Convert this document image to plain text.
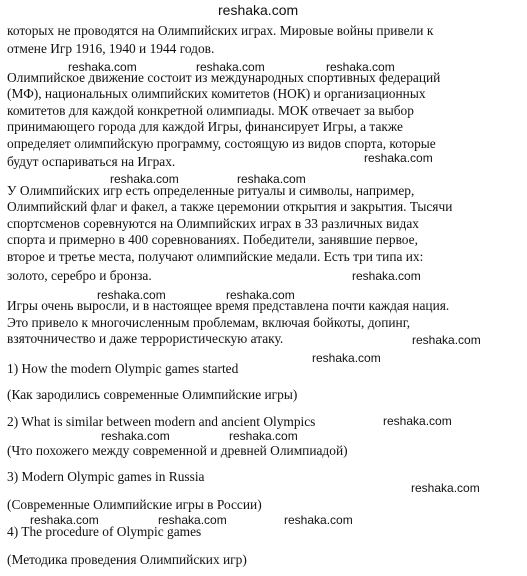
которых не проводятся на Олимпийских играх. Мировые войны привели к
отмене Игр 1916, 1940 и 1944 годов.
Олимпийское движение состоит из международных спортивных федераций
(МФ), национальных олимпийских комитетов (НОК) и организационных
комитетов для каждой конкретной олимпиады. МОК отвечает за выбор
принимающего города для каждой Игры, финансирует Игры, а также
определяет олимпийскую программу, состоящую из видов спорта, которые
будут оспариваться на Играх.
У Олимпийских игр есть определенные ритуалы и символы, например,
Олимпийский флаг и факел, а также церемонии открытия и закрытия. Тысячи
спортсменов соревнуются на Олимпийских играх в 33 различных видах
спорта и примерно в 400 соревнованиях. Победители, занявшие первое,
второе и третье места, получают олимпийские медали. Есть три типа их:
золото, серебро и бронза.
Игры очень выросли, и в настоящее время представлена почти каждая нация.
Это привело к многочисленным проблемам, включая бойкоты, допинг,
взяточничество и даже террористическую атаку.
1) How the modern Olympic games started
(Как зародились современные Олимпийские игры)
2) What is similar between modern and ancient Olympics
(Что похожего между современной и древней Олимпиадой)
3) Modern Olympic games in Russia
(Современные Олимпийские игры в России)
4) The procedure of Olympic games
(Методика проведения Олимпийских игр)
reshaka.com
reshaka.com	reshaka.com	reshaka.com
reshaka.com
reshaka.com	reshaka.com
reshaka.com
reshaka.com	reshaka.com
reshaka.com
reshaka.com
reshaka.com
reshaka.com	reshaka.com
reshaka.com
reshaka.com	reshaka.com	reshaka.com
